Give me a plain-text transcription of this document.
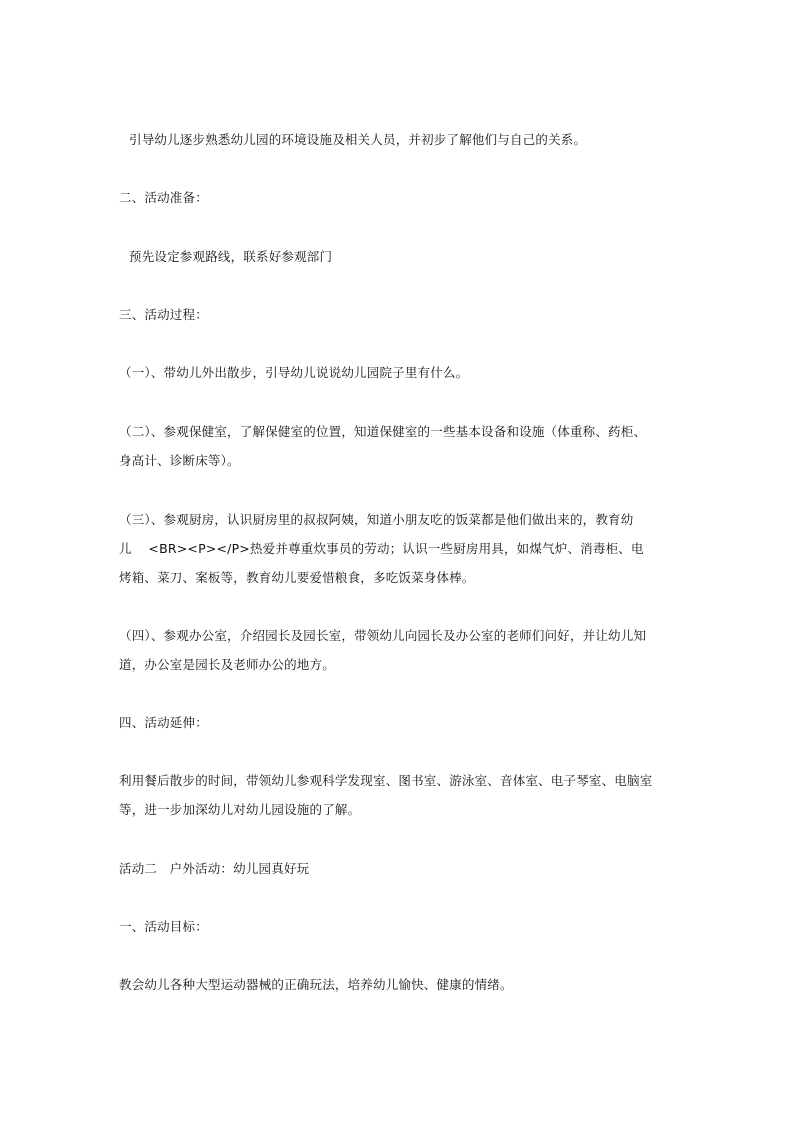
引导幼儿逐步熟悉幼儿园的环境设施及相关人员，并初步了解他们与自己的关系。
二、活动准备：
预先设定参观路线，联系好参观部门
三、活动过程：
（一）、带幼儿外出散步，引导幼儿说说幼儿园院子里有什么。
（二）、参观保健室，了解保健室的位置，知道保健室的一些基本设备和设施（体重称、药柜、
身高计、诊断床等）。
（三）、参观厨房，认识厨房里的叔叔阿姨，知道小朋友吃的饭菜都是他们做出来的，教育幼
儿    <BR><P></P>热爱并尊重炊事员的劳动；认识一些厨房用具，如煤气炉、消毒柜、电
烤箱、菜刀、案板等，教育幼儿要爱惜粮食，多吃饭菜身体棒。
（四）、参观办公室，介绍园长及园长室，带领幼儿向园长及办公室的老师们问好，并让幼儿知
道，办公室是园长及老师办公的地方。
四、活动延伸：
利用餐后散步的时间，带领幼儿参观科学发现室、图书室、游泳室、音体室、电子琴室、电脑室
等，进一步加深幼儿对幼儿园设施的了解。
活动二   户外活动：幼儿园真好玩
一、活动目标：
教会幼儿各种大型运动器械的正确玩法，培养幼儿愉快、健康的情绪。
